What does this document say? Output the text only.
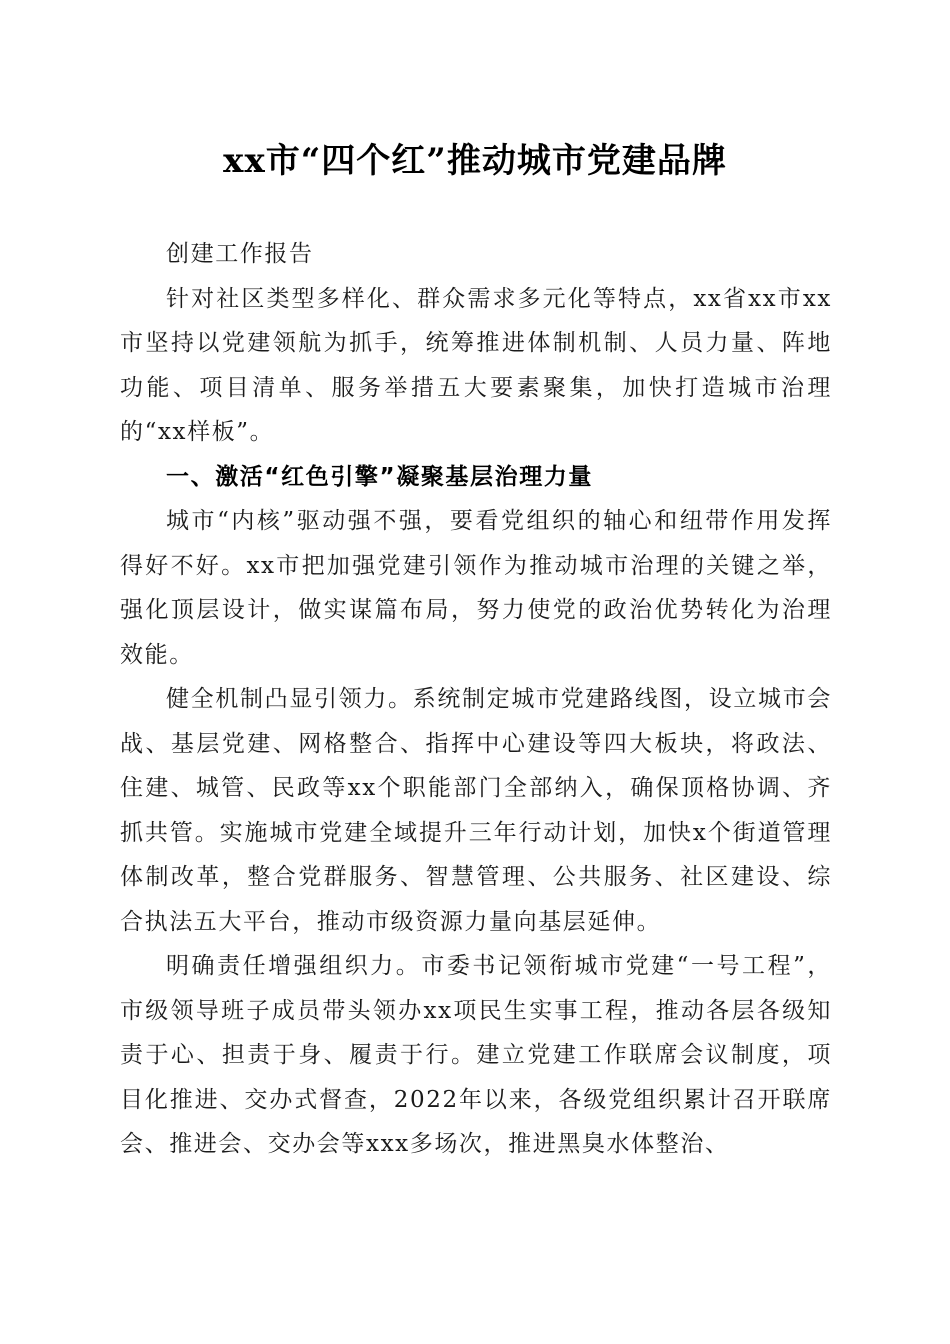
xx市“四个红”推动城市党建品牌

创建工作报告

针对社区类型多样化、群众需求多元化等特点，xx省xx市xx市坚持以党建领航为抓手，统筹推进体制机制、人员力量、阵地功能、项目清单、服务举措五大要素聚集，加快打造城市治理的“xx样板”。

一、激活“红色引擎”凝聚基层治理力量

城市“内核”驱动强不强，要看党组织的轴心和纽带作用发挥得好不好。xx市把加强党建引领作为推动城市治理的关键之举，强化顶层设计，做实谋篇布局，努力使党的政治优势转化为治理效能。

健全机制凸显引领力。系统制定城市党建路线图，设立城市会战、基层党建、网格整合、指挥中心建设等四大板块，将政法、住建、城管、民政等xx个职能部门全部纳入，确保顶格协调、齐抓共管。实施城市党建全域提升三年行动计划，加快x个街道管理体制改革，整合党群服务、智慧管理、公共服务、社区建设、综合执法五大平台，推动市级资源力量向基层延伸。

明确责任增强组织力。市委书记领衔城市党建“一号工程”，市级领导班子成员带头领办xx项民生实事工程，推动各层各级知责于心、担责于身、履责于行。建立党建工作联席会议制度，项目化推进、交办式督查，2022年以来，各级党组织累计召开联席会、推进会、交办会等xxx多场次，推进黑臭水体整治、
